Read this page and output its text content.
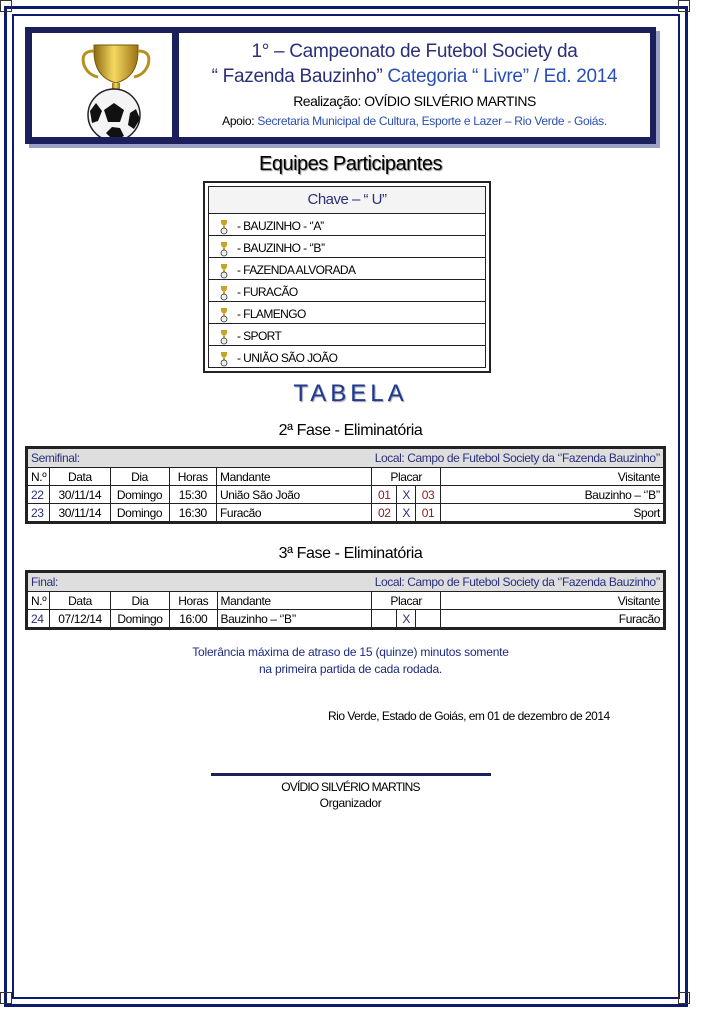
1° – Campeonato de Futebol Society da
“ Fazenda Bauzinho” Categoria “ Livre” / Ed. 2014
Realização: OVÍDIO SILVÉRIO MARTINS
Apoio: Secretaria Municipal de Cultura, Esporte e Lazer – Rio Verde - Goiás.
Equipes Participantes
Chave – “ U”
- BAUZINHO - ‘’A’’
- BAUZINHO - ‘’B’’
- FAZENDA ALVORADA
- FURACÃO
- FLAMENGO
- SPORT
- UNIÃO SÃO JOÃO
TABELA
2ª Fase - Eliminatória
Semifinal:					Local: Campo de Futebol Society da ‘’Fazenda Bauzinho’’			
N.º	Data	Dia	Horas	Mandante	Placar			Visitante
22	30/11/14	Domingo	15:30	União São João	01	X	03	Bauzinho – ‘’B’’
23	30/11/14	Domingo	16:30	Furacão	02	X	01	Sport
3ª Fase - Eliminatória
Final:					Local: Campo de Futebol Society da ‘’Fazenda Bauzinho’’			
N.º	Data	Dia	Horas	Mandante	Placar			Visitante
24	07/12/14	Domingo	16:00	Bauzinho – ‘’B’’		X		Furacão
Tolerância máxima de atraso de 15 (quinze) minutos somente
na primeira partida de cada rodada.
Rio Verde, Estado de Goiás, em 01 de dezembro de 2014
OVÍDIO SILVÉRIO MARTINS
Organizador
